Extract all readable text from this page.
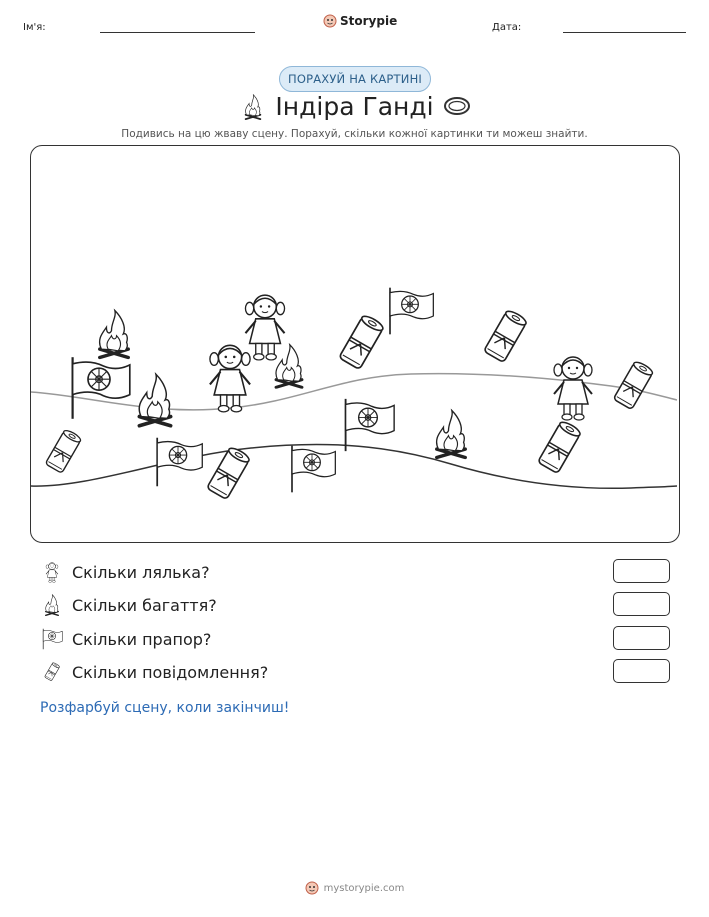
Ім'я:	Storypie	Дата:
ПОРАХУЙ НА КАРТИНІ
Індіра Ганді
Подивись на цю жваву сцену. Порахуй, скільки кожної картинки ти можеш знайти.
Скільки лялька?
Скільки багаття?
Скільки прапор?
Скільки повідомлення?
Розфарбуй сцену, коли закінчиш!
mystorypie.com
